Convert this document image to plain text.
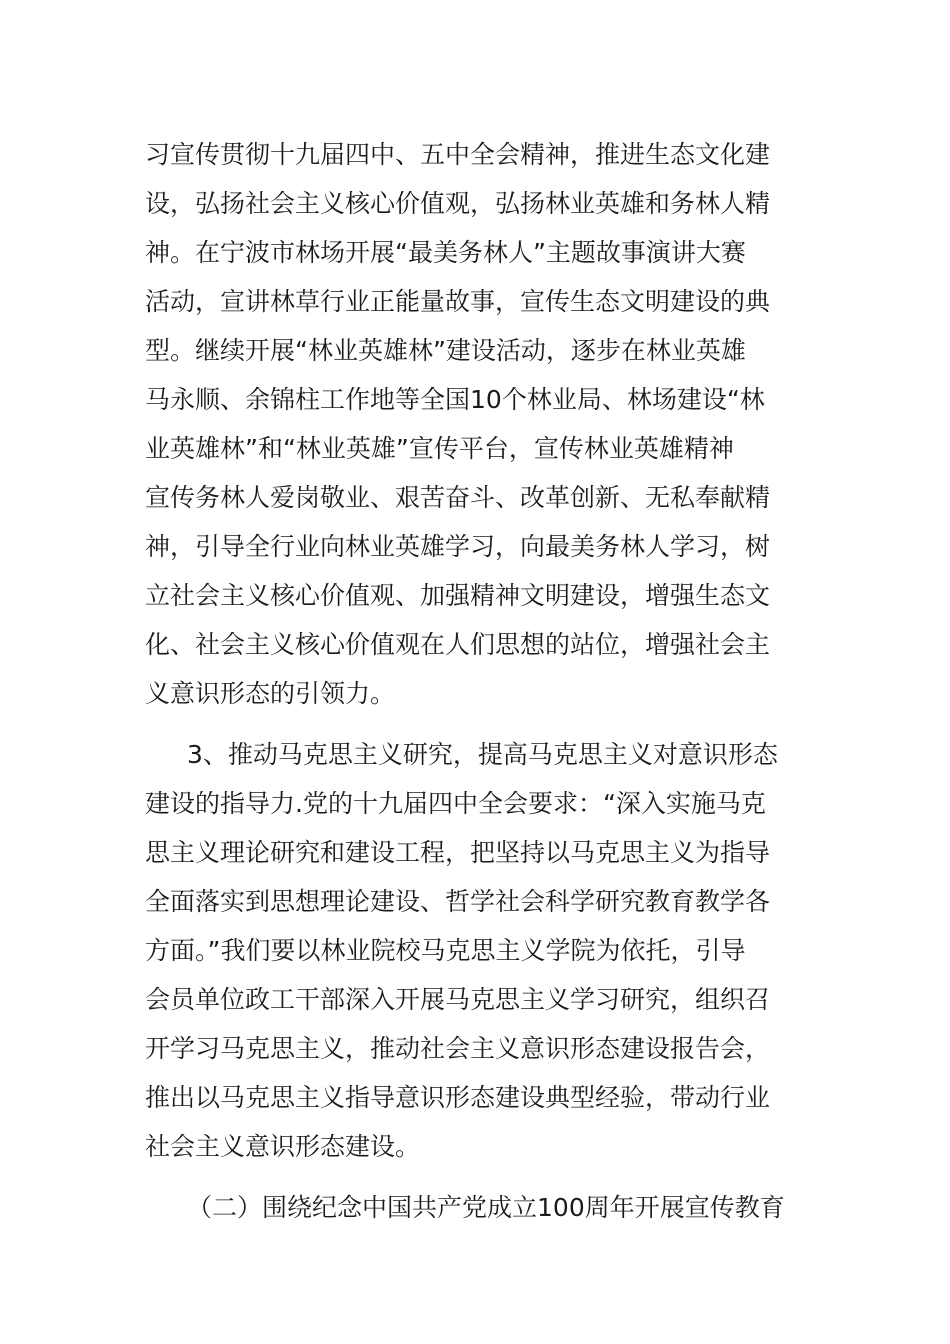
习宣传贯彻十九届四中、五中全会精神，推进生态文化建
设，弘扬社会主义核心价值观，弘扬林业英雄和务林人精
神。在宁波市林场开展“最美务林人”主题故事演讲大赛
活动，宣讲林草行业正能量故事，宣传生态文明建设的典
型。继续开展“林业英雄林”建设活动，逐步在林业英雄
马永顺、余锦柱工作地等全国10个林业局、林场建设“林
业英雄林”和“林业英雄”宣传平台，宣传林业英雄精神
宣传务林人爱岗敬业、艰苦奋斗、改革创新、无私奉献精
神，引导全行业向林业英雄学习，向最美务林人学习，树
立社会主义核心价值观、加强精神文明建设，增强生态文
化、社会主义核心价值观在人们思想的站位，增强社会主
义意识形态的引领力。
3、推动马克思主义研究，提高马克思主义对意识形态
建设的指导力.党的十九届四中全会要求：“深入实施马克
思主义理论研究和建设工程，把坚持以马克思主义为指导
全面落实到思想理论建设、哲学社会科学研究教育教学各
方面。”我们要以林业院校马克思主义学院为依托，引导
会员单位政工干部深入开展马克思主义学习研究，组织召
开学习马克思主义，推动社会主义意识形态建设报告会，
推出以马克思主义指导意识形态建设典型经验，带动行业
社会主义意识形态建设。
（二）围绕纪念中国共产党成立100周年开展宣传教育
